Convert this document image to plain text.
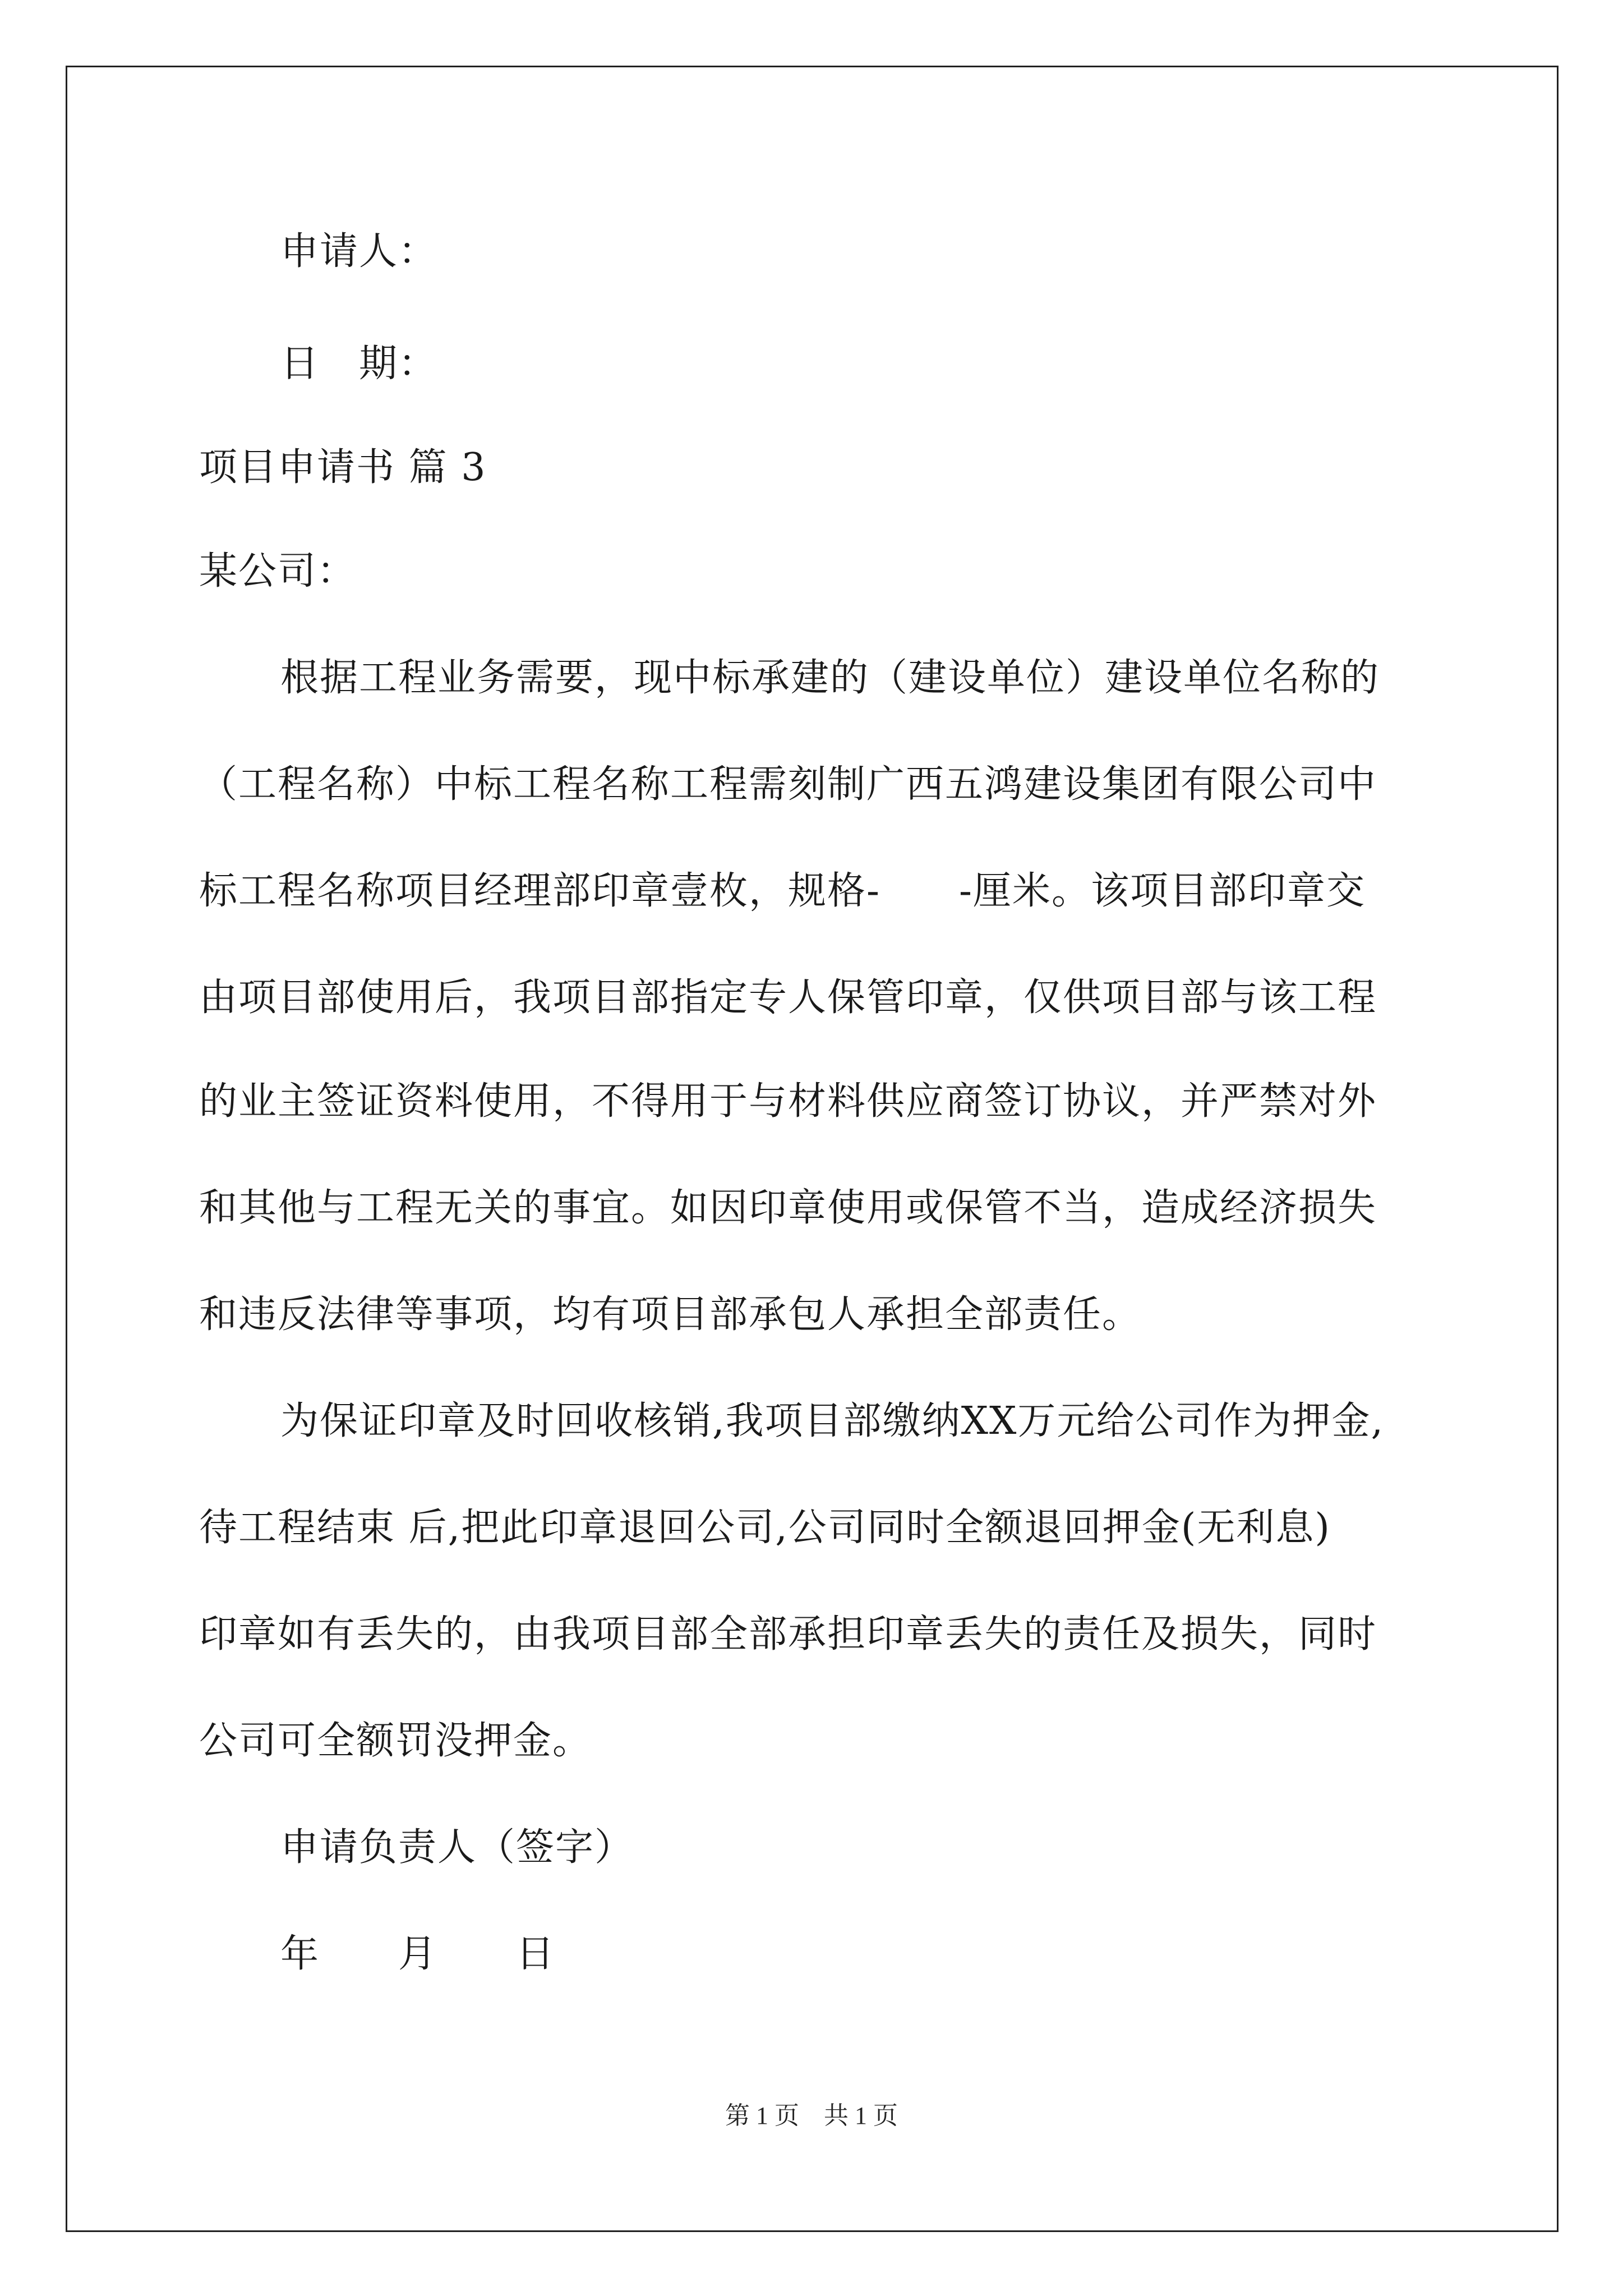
申请人：
日　期：
项目申请书 篇 3
某公司：
根据工程业务需要，现中标承建的（建设单位）建设单位名称的
（工程名称）中标工程名称工程需刻制广西五鸿建设集团有限公司中
标工程名称项目经理部印章壹枚，规格-　　-厘米。该项目部印章交
由项目部使用后，我项目部指定专人保管印章，仅供项目部与该工程
的业主签证资料使用，不得用于与材料供应商签订协议，并严禁对外
和其他与工程无关的事宜。如因印章使用或保管不当，造成经济损失
和违反法律等事项，均有项目部承包人承担全部责任。
为保证印章及时回收核销,我项目部缴纳XX万元给公司作为押金,
待工程结束 后,把此印章退回公司,公司同时全额退回押金(无利息)
印章如有丢失的，由我项目部全部承担印章丢失的责任及损失，同时
公司可全额罚没押金。
申请负责人（签字）
年　　月　　日
第 1 页　共 1 页
